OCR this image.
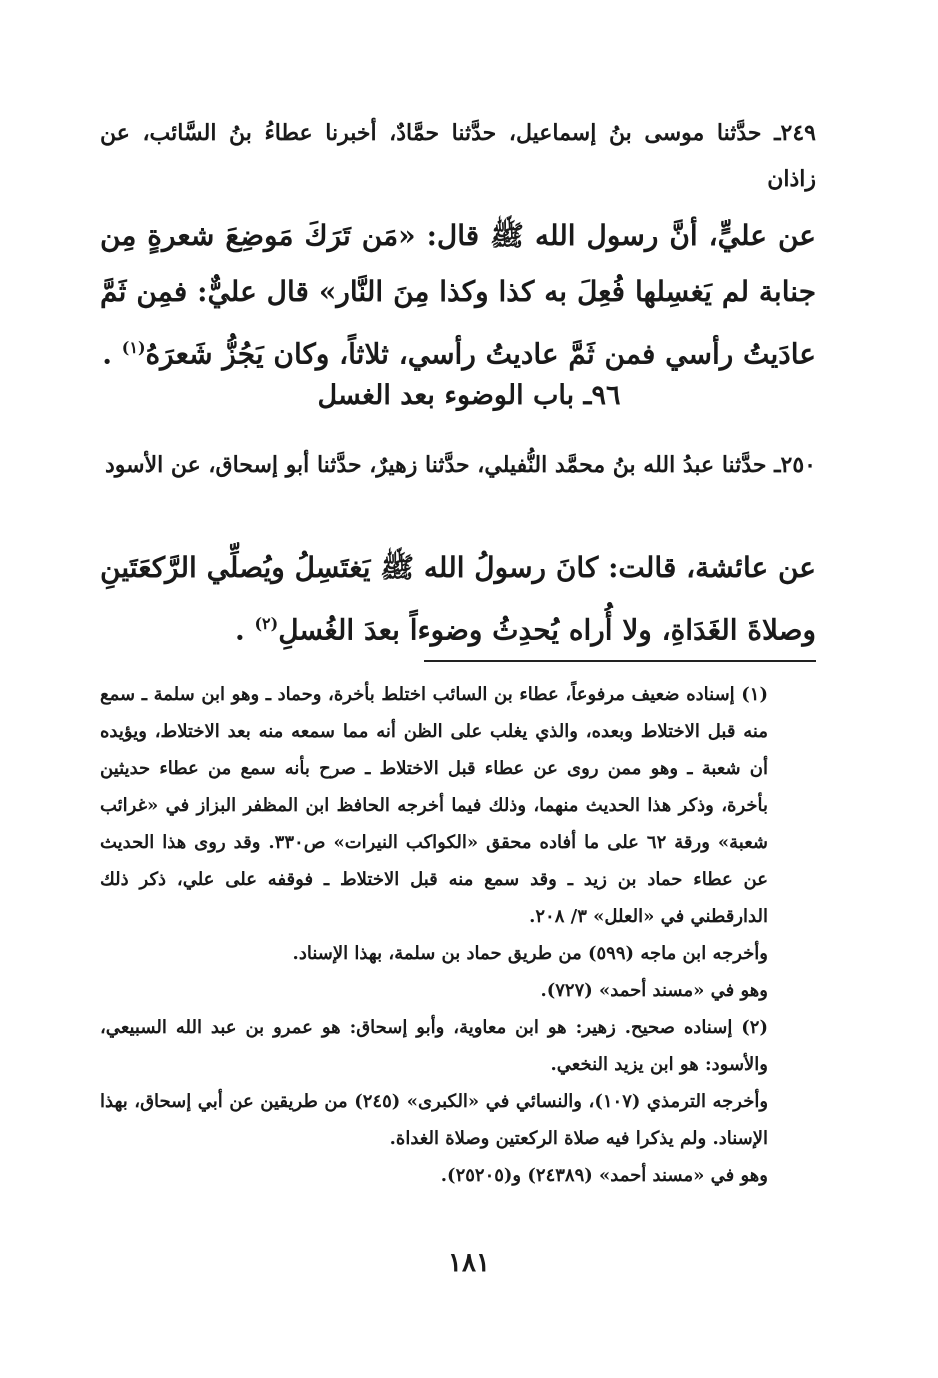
٢٤٩ـ حدَّثنا موسى بنُ إسماعيل، حدَّثنا حمَّادٌ، أخبرنا عطاءُ بنُ السَّائب، عن زاذان
عن عليٍّ، أنَّ رسول الله ﷺ قال: «مَن تَرَكَ مَوضِعَ شعرةٍ مِن جنابة لم يَغسِلها فُعِلَ به كذا وكذا مِنَ النَّار» قال عليٌّ: فمِن ثَمَّ عادَيتُ رأسي فمن ثَمَّ عاديتُ رأسي، ثلاثاً، وكان يَجُزُّ شَعرَهُ$^{(١)}$ .
٩٦ـ باب الوضوء بعد الغسل
٢٥٠ـ حدَّثنا عبدُ الله بنُ محمَّد النُّفيلي، حدَّثنا زهيرٌ، حدَّثنا أبو إسحاق، عن الأسود
عن عائشة، قالت: كانَ رسولُ الله ﷺ يَغتَسِلُ ويُصلِّي الرَّكعَتَينِ وصلاةَ الغَدَاةِ، ولا أُراه يُحدِثُ وضوءاً بعدَ الغُسلِ$^{(٢)}$ .

(١) إسناده ضعيف مرفوعاً، عطاء بن السائب اختلط بأخرة، وحماد ـ وهو ابن سلمة ـ سمع منه قبل الاختلاط وبعده، والذي يغلب على الظن أنه مما سمعه منه بعد الاختلاط، ويؤيده أن شعبة ـ وهو ممن روى عن عطاء قبل الاختلاط ـ صرح بأنه سمع من عطاء حديثين بأخرة، وذكر هذا الحديث منهما، وذلك فيما أخرجه الحافظ ابن المظفر البزاز في «غرائب شعبة» ورقة ٦٢ على ما أفاده محقق «الكواكب النيرات» ص٣٣٠. وقد روى هذا الحديث عن عطاء حماد بن زيد ـ وقد سمع منه قبل الاختلاط ـ فوقفه على علي، ذكر ذلك الدارقطني في «العلل» ٣/ ٢٠٨.

وأخرجه ابن ماجه (٥٩٩) من طريق حماد بن سلمة، بهذا الإسناد.

وهو في «مسند أحمد» (٧٢٧).

(٢) إسناده صحيح. زهير: هو ابن معاوية، وأبو إسحاق: هو عمرو بن عبد الله السبيعي، والأسود: هو ابن يزيد النخعي.

وأخرجه الترمذي (١٠٧)، والنسائي في «الكبرى» (٢٤٥) من طريقين عن أبي إسحاق، بهذا الإسناد. ولم يذكرا فيه صلاة الركعتين وصلاة الغداة.

وهو في «مسند أحمد» (٢٤٣٨٩) و(٢٥٢٠٥).

١٨١
